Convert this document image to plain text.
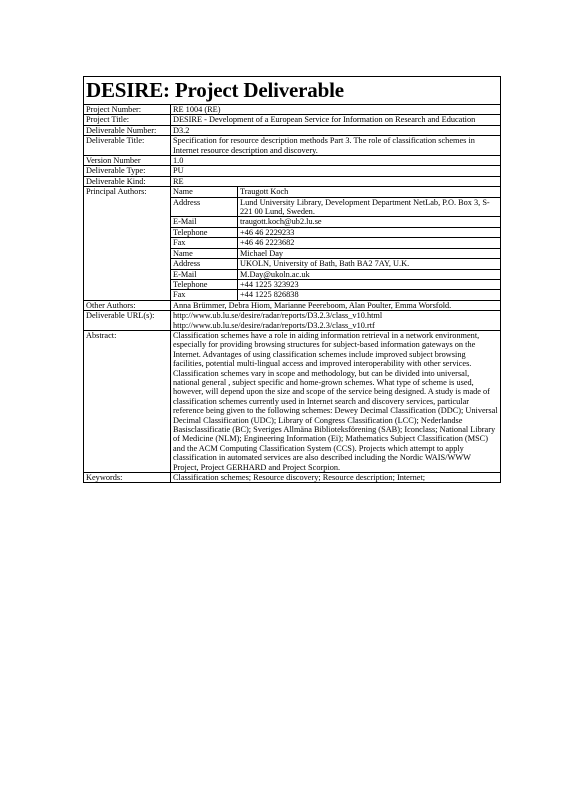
DESIRE: Project Deliverable
Project Number:	RE 1004 (RE)
Project Title:	DESIRE - Development of a European Service for Information on Research and Education
Deliverable Number:	D3.2
Deliverable Title:	Specification for resource description methods Part 3. The role of classification schemes in Internet resource description and discovery.
Version Number	1.0
Deliverable Type:	PU
Deliverable Kind:	RE
Principal Authors:		Name	Traugott Koch
Address	Lund University Library, Development Department NetLab, P.O. Box 3, S-221 00 Lund, Sweden.
E-Mail	traugott.koch@ub2.lu.se
Telephone	+46 46 2229233
Fax	+46 46 2223682
Name	Michael Day
Address	UKOLN, University of Bath, Bath BA2 7AY, U.K.
E-Mail	M.Day@ukoln.ac.uk
Telephone	+44 1225 323923
Fax	+44 1225 826838

Other Authors:	Anna Brümmer, Debra Hiom, Marianne Peereboom, Alan Poulter, Emma Worsfold.
Deliverable URL(s):	http://www.ub.lu.se/desire/radar/reports/D3.2.3/class_v10.html
http://www.ub.lu.se/desire/radar/reports/D3.2.3/class_v10.rtf

Abstract:	Classification schemes have a role in aiding information retrieval in a network environment, especially for providing browsing structures for subject-based information gateways on the Internet. Advantages of using classification schemes include improved subject browsing facilities, potential multi-lingual access and improved interoperability with other services. Classification schemes vary in scope and methodology, but can be divided into universal, national general , subject specific and home-grown schemes. What type of scheme is used, however, will depend upon the size and scope of the service being designed. A study is made of classification schemes currently used in Internet search and discovery services, particular reference being given to the following schemes: Dewey Decimal Classification (DDC); Universal Decimal Classification (UDC); Library of Congress Classification (LCC); Nederlandse Basisclassificatie (BC); Sveriges Allmäna Biblioteksförening (SAB); Iconclass; National Library of Medicine (NLM); Engineering Information (Ei); Mathematics Subject Classification (MSC) and the ACM Computing Classification System (CCS). Projects which attempt to apply classification in automated services are also described including the Nordic WAIS/WWW Project, Project GERHARD and Project Scorpion.
Keywords:	Classification schemes; Resource discovery; Resource description; Internet;
